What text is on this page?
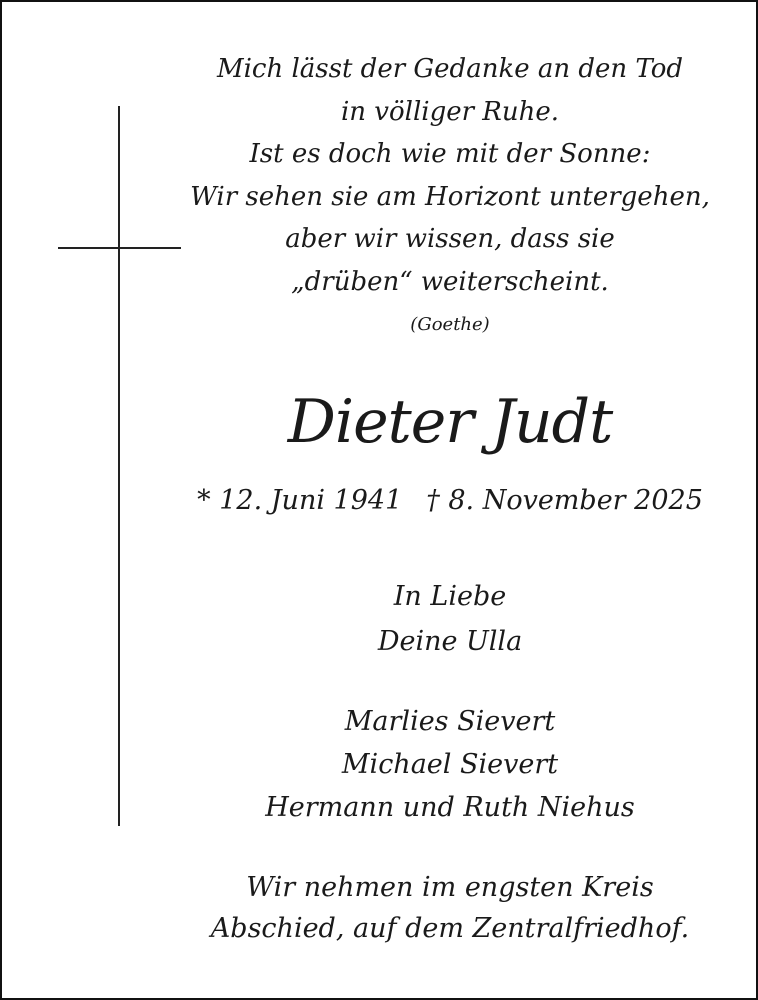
Mich lässt der Gedanke an den Tod
in völliger Ruhe.
Ist es doch wie mit der Sonne:
Wir sehen sie am Horizont untergehen,
aber wir wissen, dass sie
„drüben“ weiterscheint.
(Goethe)
Dieter Judt
* 12. Juni 1941 † 8. November 2025
In Liebe
Deine Ulla
Marlies Sievert
Michael Sievert
Hermann und Ruth Niehus
Wir nehmen im engsten Kreis
Abschied, auf dem Zentralfriedhof.
